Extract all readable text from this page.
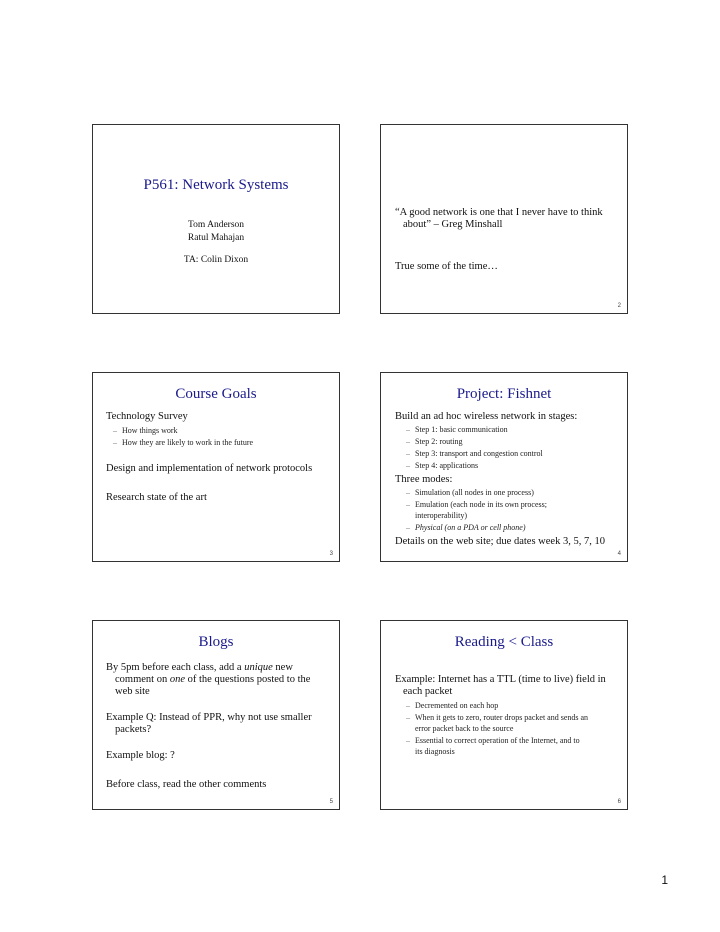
P561: Network Systems
Tom Anderson
Ratul Mahajan
TA: Colin Dixon
“A good network is one that I never have to think
about” – Greg Minshall
True some of the time…
2
Course Goals
Technology Survey
– How things work
– How they are likely to work in the future
Design and implementation of network protocols
Research state of the art
3
Project: Fishnet
Build an ad hoc wireless network in stages:
– Step 1: basic communication
– Step 2: routing
– Step 3: transport and congestion control
– Step 4: applications
Three modes:
– Simulation (all nodes in one process)
– Emulation (each node in its own process;
interoperability)
– Physical (on a PDA or cell phone)
Details on the web site; due dates week 3, 5, 7, 10
4
Blogs
By 5pm before each class, add a unique new
comment on one of the questions posted to the
web site
Example Q: Instead of PPR, why not use smaller
packets?
Example blog: ?
Before class, read the other comments
5
Reading < Class
Example: Internet has a TTL (time to live) field in
each packet
– Decremented on each hop
– When it gets to zero, router drops packet and sends an
error packet back to the source
– Essential to correct operation of the Internet, and to
its diagnosis
6
1
